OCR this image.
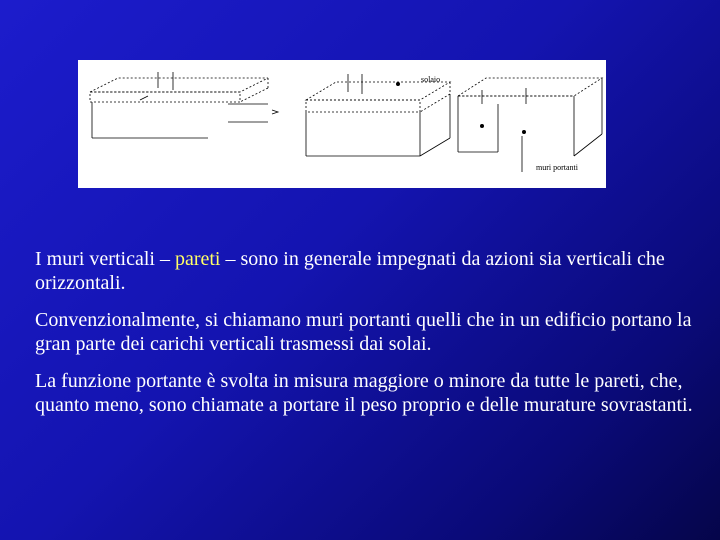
solaio
muri portanti

I muri verticali – pareti – sono in generale impegnati da azioni sia verticali che orizzontali.

Convenzionalmente, si chiamano muri portanti quelli che in un edificio portano la gran parte dei carichi verticali trasmessi dai solai.

La funzione portante è svolta in misura maggiore o minore da tutte le pareti, che, quanto meno, sono chiamate a portare il peso proprio e delle murature sovrastanti.
